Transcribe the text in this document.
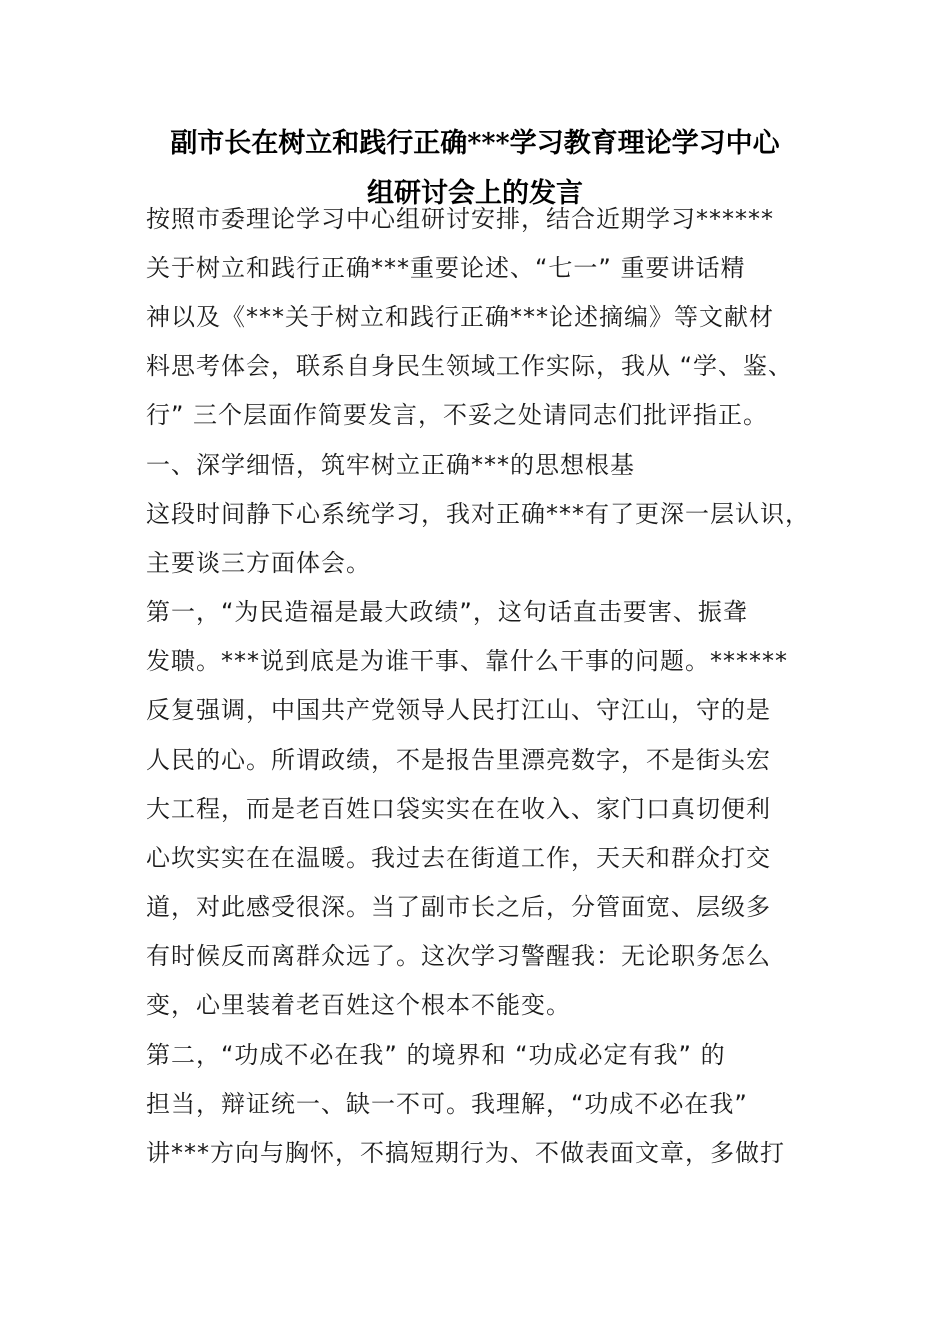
副市长在树立和践行正确***学习教育理论学习中心
组研讨会上的发言
按照市委理论学习中心组研讨安排，结合近期学习******
关于树立和践行正确***重要论述、“七一” 重要讲话精
神以及《***关于树立和践行正确***论述摘编》等文献材
料思考体会，联系自身民生领域工作实际，我从 “学、鉴、
行” 三个层面作简要发言，不妥之处请同志们批评指正。
一、深学细悟，筑牢树立正确***的思想根基
这段时间静下心系统学习，我对正确***有了更深一层认识，
主要谈三方面体会。
第一，“为民造福是最大政绩”，这句话直击要害、振聋
发聩。***说到底是为谁干事、靠什么干事的问题。******
反复强调，中国共产党领导人民打江山、守江山，守的是
人民的心。所谓政绩，不是报告里漂亮数字，不是街头宏
大工程，而是老百姓口袋实实在在收入、家门口真切便利
心坎实实在在温暖。我过去在街道工作，天天和群众打交
道，对此感受很深。当了副市长之后，分管面宽、层级多
有时候反而离群众远了。这次学习警醒我：无论职务怎么
变，心里装着老百姓这个根本不能变。
第二，“功成不必在我” 的境界和 “功成必定有我” 的
担当，辩证统一、缺一不可。我理解，“功成不必在我”
讲***方向与胸怀，不搞短期行为、不做表面文章，多做打
